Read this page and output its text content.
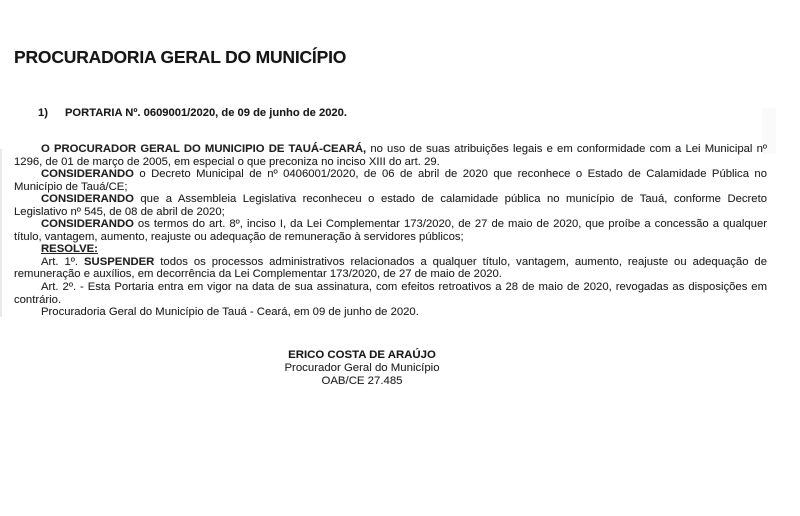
PROCURADORIA GERAL DO MUNICÍPIO
1) PORTARIA Nº. 0609001/2020, de 09 de junho de 2020.

O PROCURADOR GERAL DO MUNICIPIO DE TAUÁ-CEARÁ, no uso de suas atribuições legais e em conformidade com a Lei Municipal nº 1296, de 01 de março de 2005, em especial o que preconiza no inciso XIII do art. 29.

CONSIDERANDO o Decreto Municipal de nº 0406001/2020, de 06 de abril de 2020 que reconhece o Estado de Calamidade Pública no Município de Tauá/CE;

CONSIDERANDO que a Assembleia Legislativa reconheceu o estado de calamidade pública no município de Tauá, conforme Decreto Legislativo nº 545, de 08 de abril de 2020;

CONSIDERANDO os termos do art. 8º, inciso I, da Lei Complementar 173/2020, de 27 de maio de 2020, que proíbe a concessão a qualquer título, vantagem, aumento, reajuste ou adequação de remuneração à servidores públicos;

RESOLVE:

Art. 1º. SUSPENDER todos os processos administrativos relacionados a qualquer título, vantagem, aumento, reajuste ou adequação de remuneração e auxílios, em decorrência da Lei Complementar 173/2020, de 27 de maio de 2020.

Art. 2º. - Esta Portaria entra em vigor na data de sua assinatura, com efeitos retroativos a 28 de maio de 2020, revogadas as disposições em contrário.

Procuradoria Geral do Município de Tauá - Ceará, em 09 de junho de 2020.

ERICO COSTA DE ARAÚJO
Procurador Geral do Município
OAB/CE 27.485
